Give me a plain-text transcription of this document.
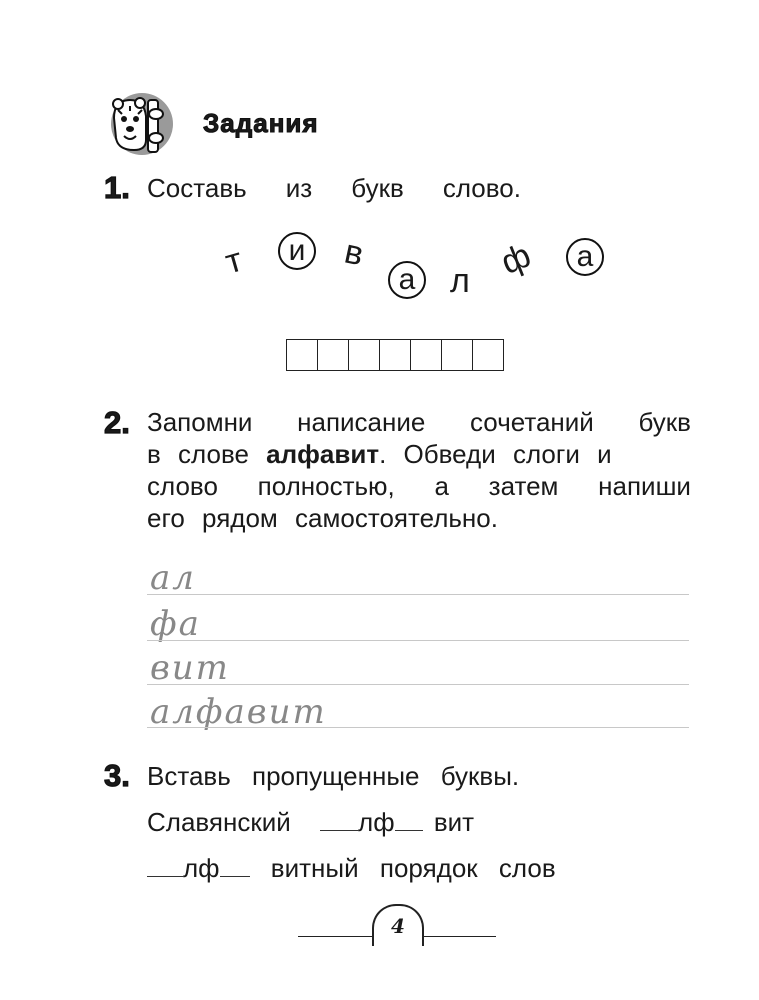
Задания
1. Составь из букв слово.
т	и	в
а	л ф	а
2. Запомни написание сочетаний букв
в слове алфавит. Обведи слоги и
слово полностью, а затем напиши
его рядом самостоятельно.
ал
фа
вит
алфавит
3. Вставь пропущенные буквы.
Славянский	лф вит
лф витный порядок слов
4
